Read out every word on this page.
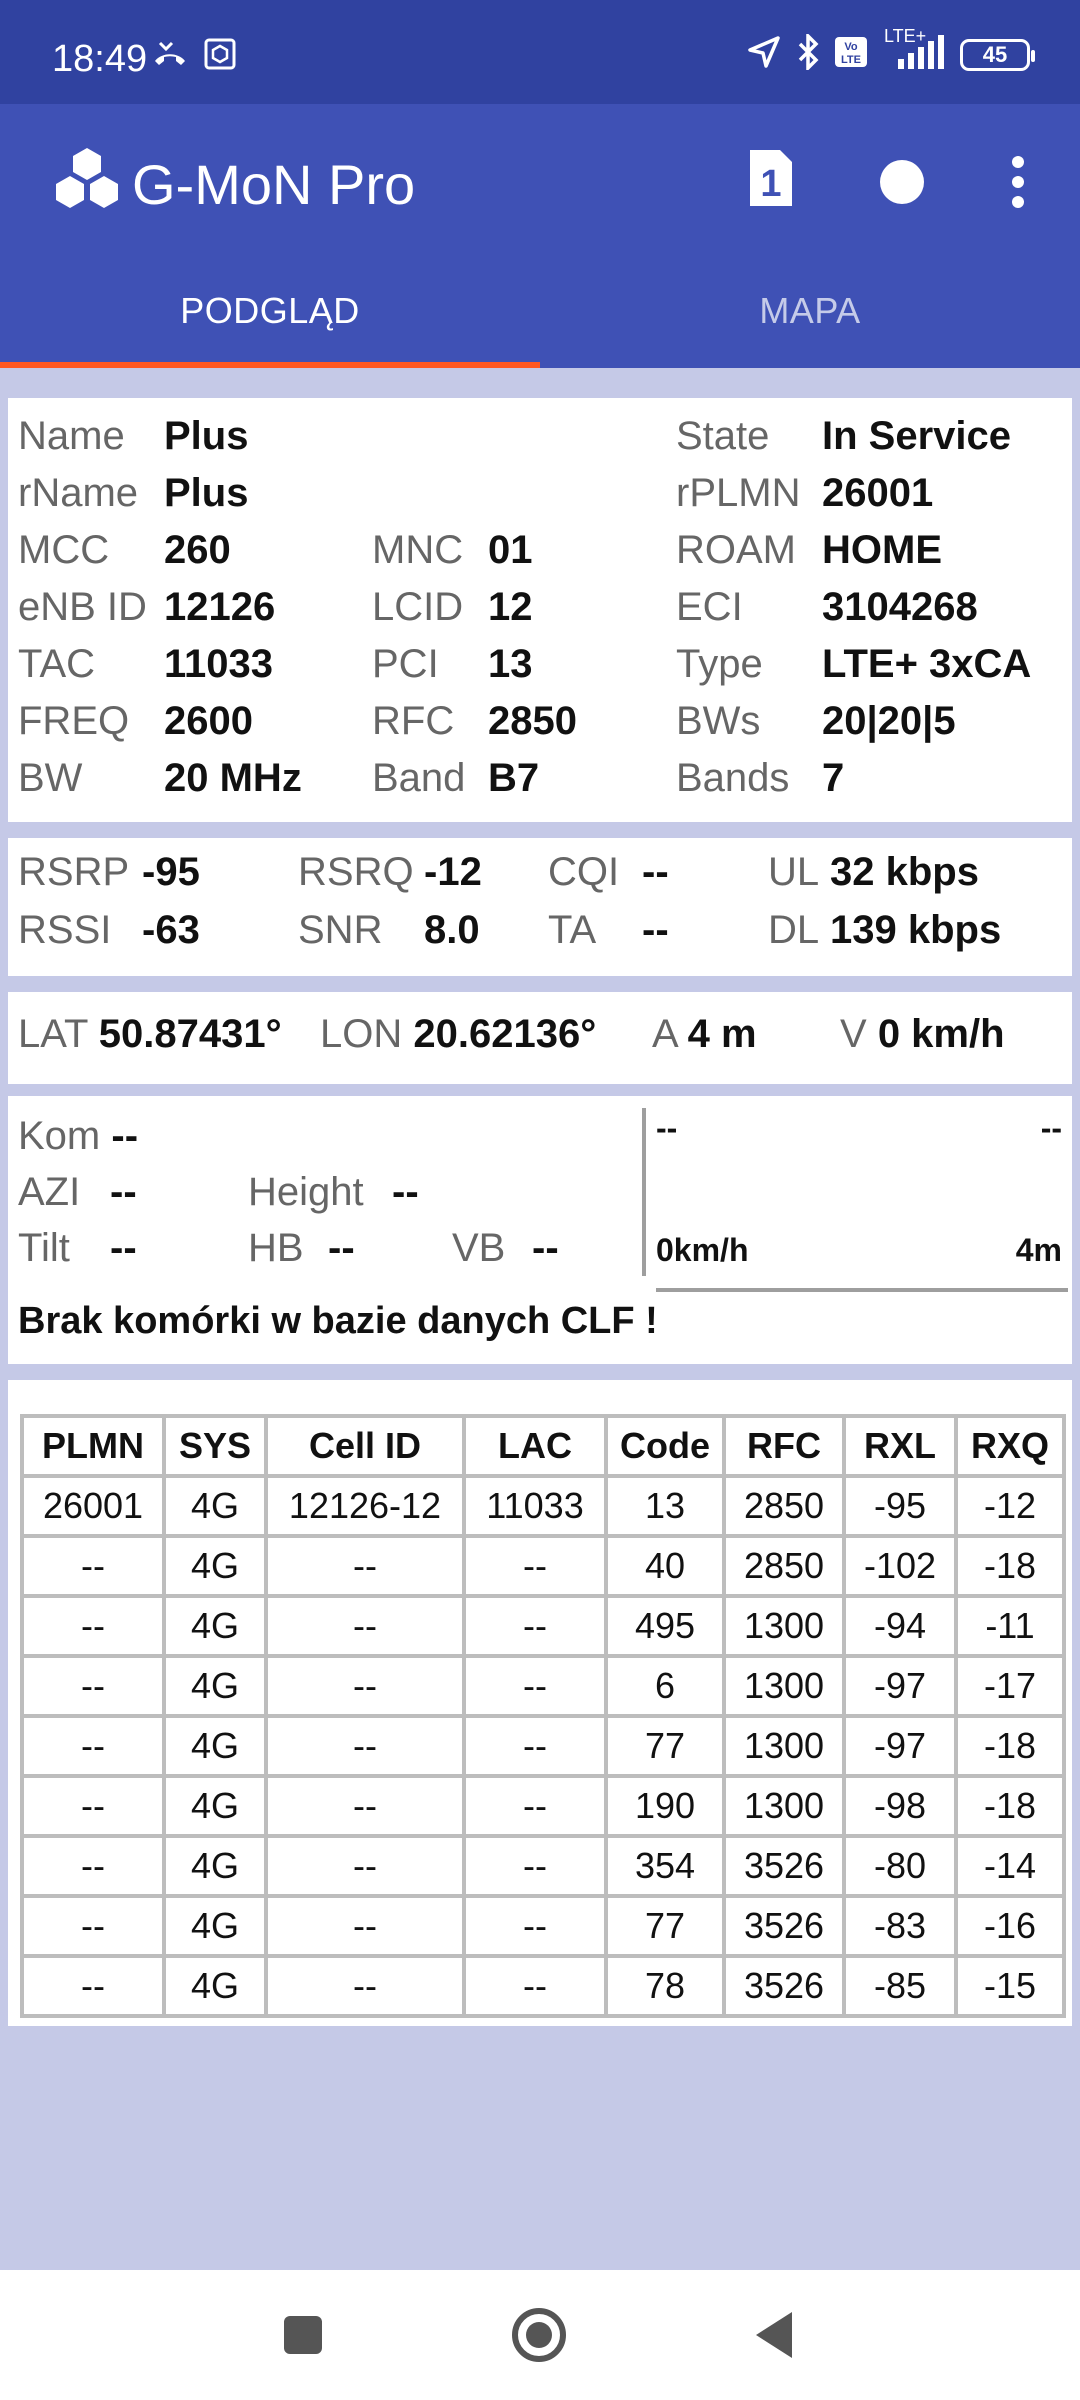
18:49	Vo
LTE
LTE+
45
G-MoN Pro	1
PODGLĄD	MAPA
Name Plus	State In Service
rName Plus	rPLMN 26001
MCC 260	MNC 01	ROAM HOME
eNB ID 12126 LCID 12	ECI 3104268
TAC 11033 PCI 13	Type LTE+ 3xCA
FREQ 2600	RFC 2850 BWs 20|20|5
BW 20 MHz Band B7	Bands 7
RSRP -95 RSRQ -12 CQI -- UL 32 kbps
RSSI -63 SNR 8.0 TA -- DL 139 kbps
LAT 50.87431° LON 20.62136° A 4 m V 0 km/h
Kom --
AZI --	Height --
Tilt --	HB -- VB --
--	--
0km/h	4m
Brak komórki w bazie danych CLF !
PLMN	SYS	Cell ID	LAC	Code	RFC	RXL	RXQ
26001	4G	12126-12	11033	13	2850	-95	-12
--	4G	--	--	40	2850	-102	-18
--	4G	--	--	495	1300	-94	-11
--	4G	--	--	6	1300	-97	-17
--	4G	--	--	77	1300	-97	-18
--	4G	--	--	190	1300	-98	-18
--	4G	--	--	354	3526	-80	-14
--	4G	--	--	77	3526	-83	-16
--	4G	--	--	78	3526	-85	-15
